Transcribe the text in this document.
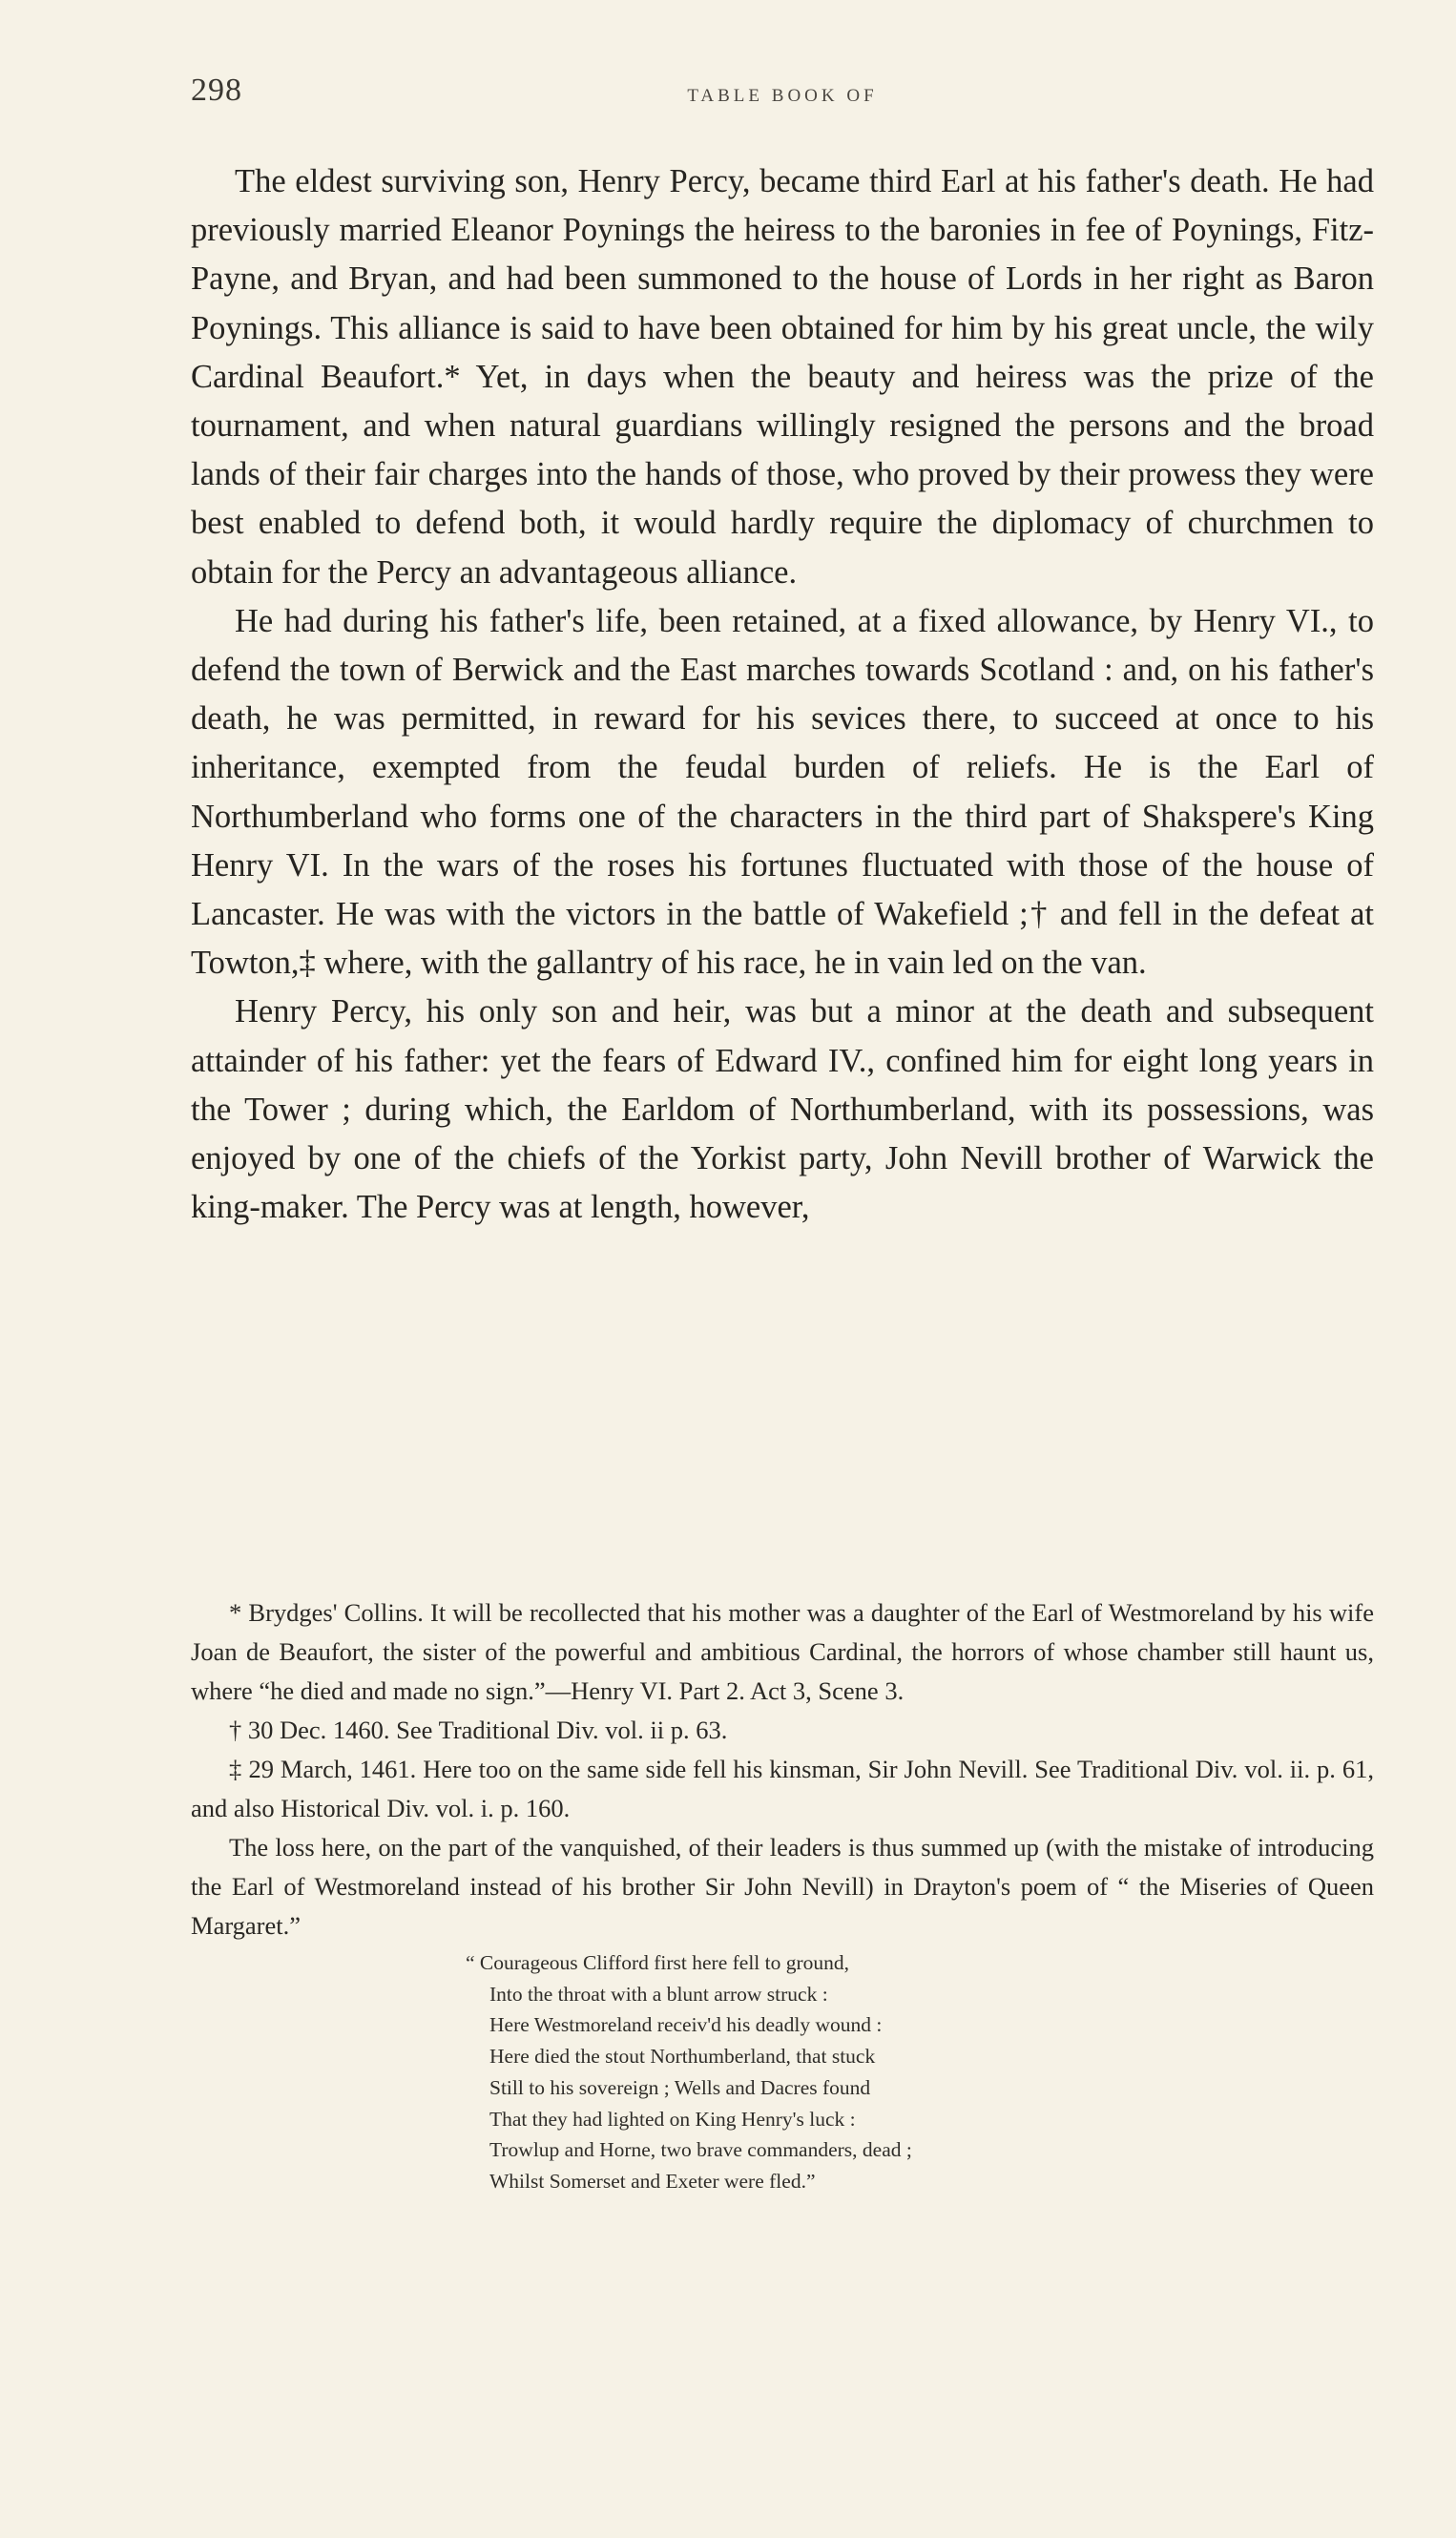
298	TABLE BOOK OF

The eldest surviving son, Henry Percy, became third Earl at his father's death. He had previously married Eleanor Poynings the heiress to the baronies in fee of Poynings, Fitz-Payne, and Bryan, and had been summoned to the house of Lords in her right as Baron Poynings. This alliance is said to have been obtained for him by his great uncle, the wily Cardinal Beaufort.* Yet, in days when the beauty and heiress was the prize of the tournament, and when natural guardians willingly resigned the persons and the broad lands of their fair charges into the hands of those, who proved by their prowess they were best enabled to defend both, it would hardly require the diplomacy of churchmen to obtain for the Percy an advantageous alliance.

He had during his father's life, been retained, at a fixed allowance, by Henry VI., to defend the town of Berwick and the East marches towards Scotland : and, on his father's death, he was permitted, in reward for his sevices there, to succeed at once to his inheritance, exempted from the feudal burden of reliefs. He is the Earl of Northumberland who forms one of the characters in the third part of Shakspere's King Henry VI. In the wars of the roses his fortunes fluctuated with those of the house of Lancaster. He was with the victors in the battle of Wakefield ;† and fell in the defeat at Towton,‡ where, with the gallantry of his race, he in vain led on the van.

Henry Percy, his only son and heir, was but a minor at the death and subsequent attainder of his father: yet the fears of Edward IV., confined him for eight long years in the Tower ; during which, the Earldom of Northumberland, with its possessions, was enjoyed by one of the chiefs of the Yorkist party, John Nevill brother of Warwick the king-maker. The Percy was at length, however,

* Brydges' Collins. It will be recollected that his mother was a daughter of the Earl of Westmoreland by his wife Joan de Beaufort, the sister of the powerful and ambitious Cardinal, the horrors of whose chamber still haunt us, where “he died and made no sign.”—Henry VI. Part 2. Act 3, Scene 3.

† 30 Dec. 1460. See Traditional Div. vol. ii p. 63.

‡ 29 March, 1461. Here too on the same side fell his kinsman, Sir John Nevill. See Traditional Div. vol. ii. p. 61, and also Historical Div. vol. i. p. 160.

The loss here, on the part of the vanquished, of their leaders is thus summed up (with the mistake of introducing the Earl of Westmoreland instead of his brother Sir John Nevill) in Drayton's poem of “ the Miseries of Queen Margaret.”

“ Courageous Clifford first here fell to ground,
Into the throat with a blunt arrow struck :
Here Westmoreland receiv'd his deadly wound :
Here died the stout Northumberland, that stuck
Still to his sovereign ; Wells and Dacres found
That they had lighted on King Henry's luck :
Trowlup and Horne, two brave commanders, dead ;
Whilst Somerset and Exeter were fled.”
